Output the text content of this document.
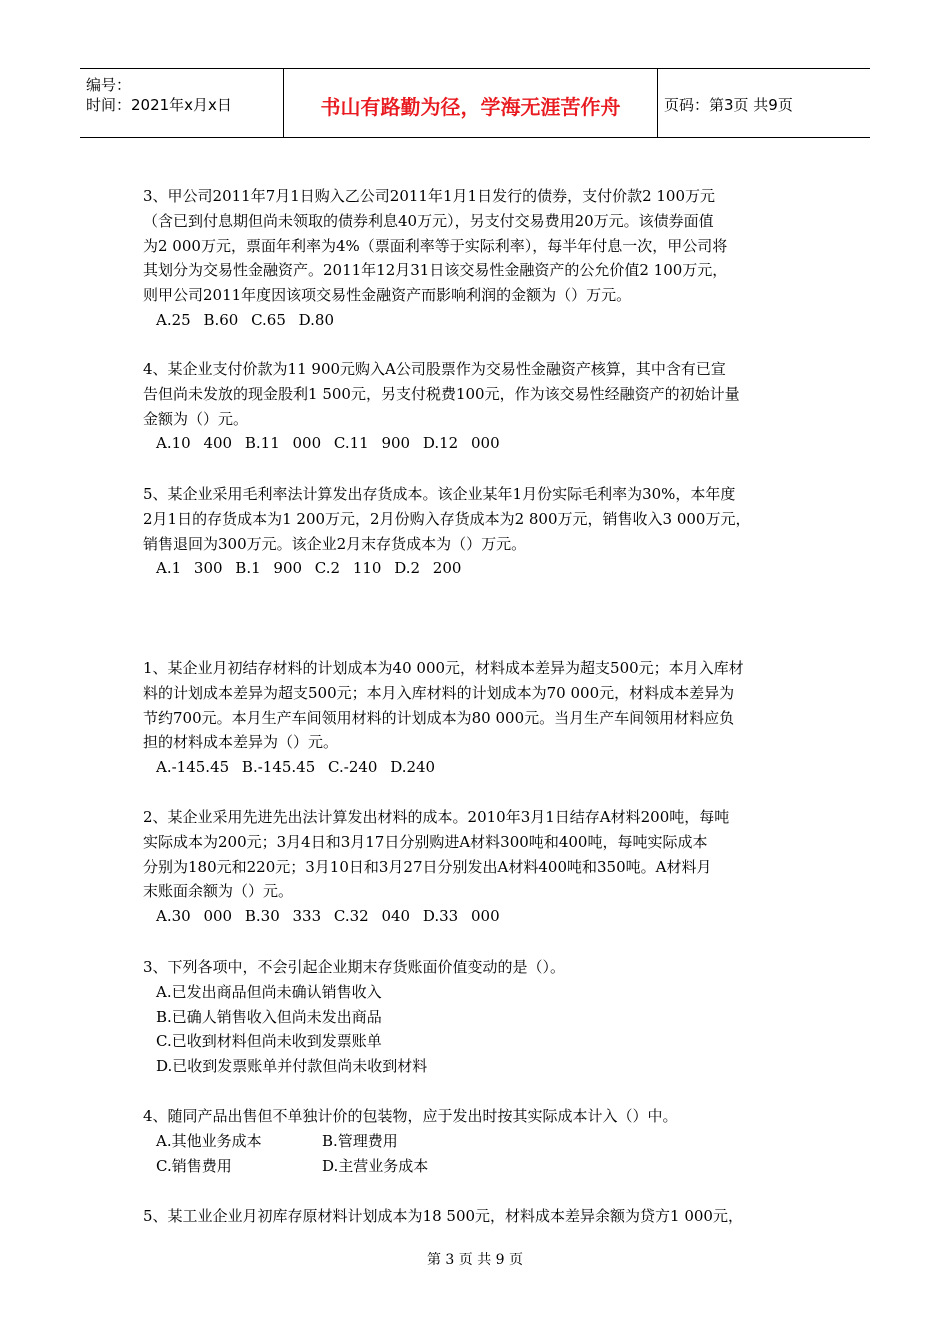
编号：
时间：2021年x月x日	书山有路勤为径，学海无涯苦作舟	页码：第3页 共9页

3、甲公司2011年7月1日购入乙公司2011年1月1日发行的债券，支付价款2 100万元

（含已到付息期但尚未领取的债券利息40万元），另支付交易费用20万元。该债券面值

为2 000万元，票面年利率为4%（票面利率等于实际利率），每半年付息一次，甲公司将

其划分为交易性金融资产。2011年12月31日该交易性金融资产的公允价值2 100万元，

则甲公司2011年度因该项交易性金融资产而影响利润的金额为（）万元。

A.25 B.60 C.65 D.80

4、某企业支付价款为11 900元购入A公司股票作为交易性金融资产核算，其中含有已宣

告但尚未发放的现金股利1 500元，另支付税费100元，作为该交易性经融资产的初始计量

金额为（）元。

A.10 400 B.11 000 C.11 900 D.12 000

5、某企业采用毛利率法计算发出存货成本。该企业某年1月份实际毛利率为30%，本年度

2月1日的存货成本为1 200万元，2月份购入存货成本为2 800万元，销售收入3 000万元，

销售退回为300万元。该企业2月末存货成本为（）万元。

A.1 300 B.1 900 C.2 110 D.2 200

1、某企业月初结存材料的计划成本为40 000元，材料成本差异为超支500元；本月入库材

料的计划成本差异为超支500元；本月入库材料的计划成本为70 000元，材料成本差异为

节约700元。本月生产车间领用材料的计划成本为80 000元。当月生产车间领用材料应负

担的材料成本差异为（）元。

A.-145.45 B.-145.45 C.-240 D.240

2、某企业采用先进先出法计算发出材料的成本。2010年3月1日结存A材料200吨，每吨

实际成本为200元；3月4日和3月17日分别购进A材料300吨和400吨，每吨实际成本

分别为180元和220元；3月10日和3月27日分别发出A材料400吨和350吨。A材料月

末账面余额为（）元。

A.30 000 B.30 333 C.32 040 D.33 000

3、下列各项中，不会引起企业期末存货账面价值变动的是（）。

A.已发出商品但尚未确认销售收入

B.已确人销售收入但尚未发出商品

C.已收到材料但尚未收到发票账单

D.已收到发票账单并付款但尚未收到材料

4、随同产品出售但不单独计价的包装物，应于发出时按其实际成本计入（）中。

A.其他业务成本	B.管理费用

C.销售费用	D.主营业务成本

5、某工业企业月初库存原材料计划成本为18 500元，材料成本差异余额为贷方1 000元，

第 3 页 共 9 页
